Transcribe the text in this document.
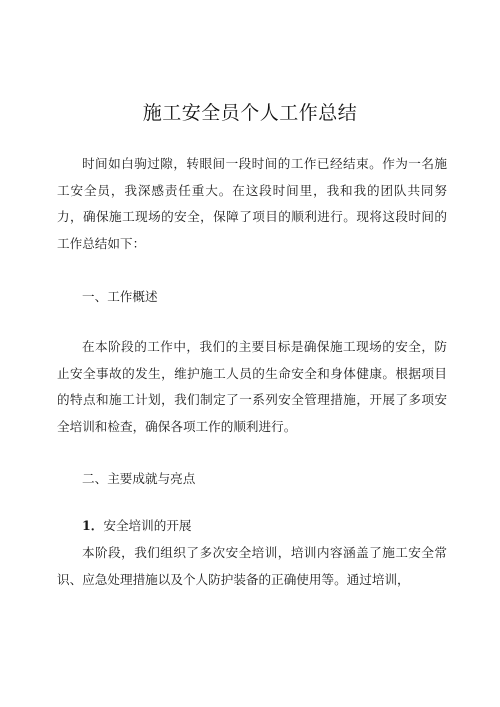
施工安全员个人工作总结

时间如白驹过隙，转眼间一段时间的工作已经结束。作为一名施工安全员，我深感责任重大。在这段时间里，我和我的团队共同努力，确保施工现场的安全，保障了项目的顺利进行。现将这段时间的工作总结如下：

一、工作概述

在本阶段的工作中，我们的主要目标是确保施工现场的安全，防止安全事故的发生，维护施工人员的生命安全和身体健康。根据项目的特点和施工计划，我们制定了一系列安全管理措施，开展了多项安全培训和检查，确保各项工作的顺利进行。

二、主要成就与亮点

1．安全培训的开展

本阶段，我们组织了多次安全培训，培训内容涵盖了施工安全常识、应急处理措施以及个人防护装备的正确使用等。通过培训，
